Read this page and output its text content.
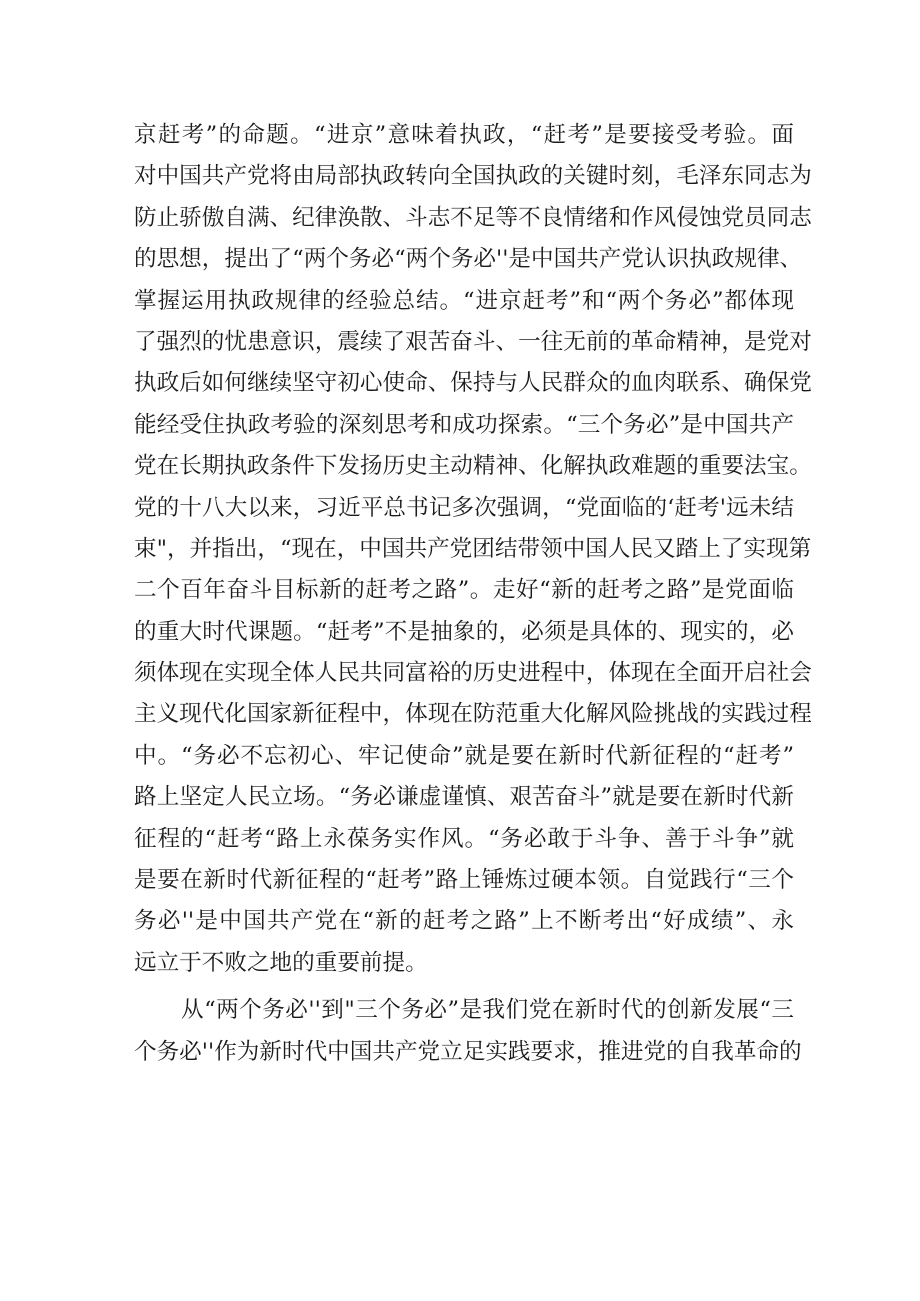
京赶考”的命题。“进京”意味着执政，“赶考”是要接受考验。面
对中国共产党将由局部执政转向全国执政的关键时刻，毛泽东同志为
防止骄傲自满、纪律涣散、斗志不足等不良情绪和作风侵蚀党员同志
的思想，提出了“两个务必“两个务必''是中国共产党认识执政规律、
掌握运用执政规律的经验总结。“进京赶考”和“两个务必”都体现
了强烈的忧患意识，震续了艰苦奋斗、一往无前的革命精神，是党对
执政后如何继续坚守初心使命、保持与人民群众的血肉联系、确保党
能经受住执政考验的深刻思考和成功探索。“三个务必”是中国共产
党在长期执政条件下发扬历史主动精神、化解执政难题的重要法宝。
党的十八大以来，习近平总书记多次强调，“党面临的‘赶考'远未结
束"，并指出，“现在，中国共产党团结带领中国人民又踏上了实现第
二个百年奋斗目标新的赶考之路”。走好“新的赶考之路”是党面临
的重大时代课题。“赶考”不是抽象的，必须是具体的、现实的，必
须体现在实现全体人民共同富裕的历史进程中，体现在全面开启社会
主义现代化国家新征程中，体现在防范重大化解风险挑战的实践过程
中。“务必不忘初心、牢记使命”就是要在新时代新征程的“赶考”
路上坚定人民立场。“务必谦虚谨慎、艰苦奋斗”就是要在新时代新
征程的“赶考“路上永葆务实作风。“务必敢于斗争、善于斗争”就
是要在新时代新征程的“赶考”路上锤炼过硬本领。自觉践行“三个
务必''是中国共产党在“新的赶考之路”上不断考出“好成绩”、永
远立于不败之地的重要前提。
从“两个务必''到"三个务必”是我们党在新时代的创新发展“三
个务必''作为新时代中国共产党立足实践要求，推进党的自我革命的
